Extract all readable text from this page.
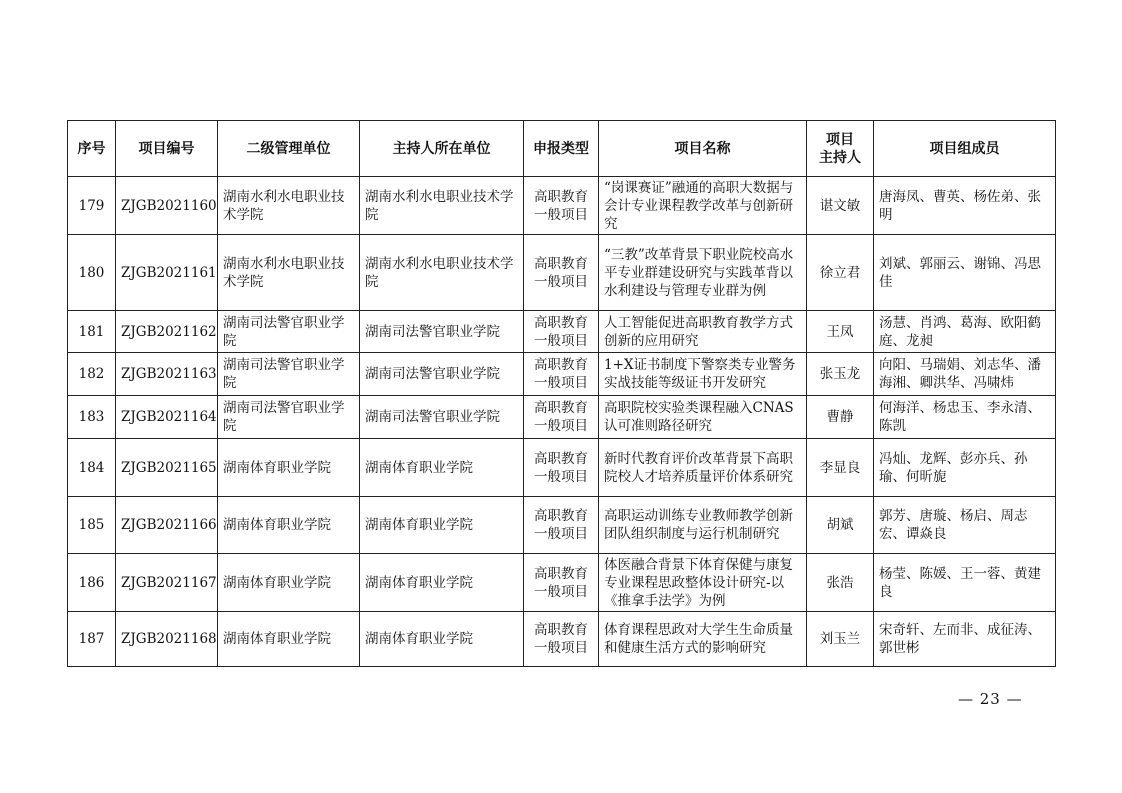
序号	项目编号	二级管理单位	主持人所在单位	申报类型	项目名称	项目
主持人	项目组成员
179	ZJGB2021160	湖南水利水电职业技术学院	湖南水利水电职业技术学院	高职教育一般项目	“岗课赛证”融通的高职大数据与会计专业课程教学改革与创新研究	谌文敏	唐海凤、曹英、杨佐弟、张明
180	ZJGB2021161	湖南水利水电职业技术学院	湖南水利水电职业技术学院	高职教育一般项目	“三教”改革背景下职业院校高水平专业群建设研究与实践革背以水利建设与管理专业群为例	徐立君	刘斌、郭丽云、谢锦、冯思佳
181	ZJGB2021162	湖南司法警官职业学院	湖南司法警官职业学院	高职教育一般项目	人工智能促进高职教育教学方式创新的应用研究	王凤	汤慧、肖鸿、葛海、欧阳鹤庭、龙昶
182	ZJGB2021163	湖南司法警官职业学院	湖南司法警官职业学院	高职教育一般项目	1+X证书制度下警察类专业警务实战技能等级证书开发研究	张玉龙	向阳、马瑞娟、刘志华、潘海湘、卿洪华、冯啸炜
183	ZJGB2021164	湖南司法警官职业学院	湖南司法警官职业学院	高职教育一般项目	高职院校实验类课程融入CNAS认可准则路径研究	曹静	何海洋、杨忠玉、李永清、陈凯
184	ZJGB2021165	湖南体育职业学院	湖南体育职业学院	高职教育一般项目	新时代教育评价改革背景下高职院校人才培养质量评价体系研究	李显良	冯灿、龙辉、彭亦兵、孙瑜、何昕旎
185	ZJGB2021166	湖南体育职业学院	湖南体育职业学院	高职教育一般项目	高职运动训练专业教师教学创新团队组织制度与运行机制研究	胡斌	郭芳、唐璇、杨启、周志宏、谭焱良
186	ZJGB2021167	湖南体育职业学院	湖南体育职业学院	高职教育一般项目	体医融合背景下体育保健与康复专业课程思政整体设计研究-以《推拿手法学》为例	张浩	杨莹、陈媛、王一蓉、黄建良
187	ZJGB2021168	湖南体育职业学院	湖南体育职业学院	高职教育一般项目	体育课程思政对大学生生命质量和健康生活方式的影响研究	刘玉兰	宋奇轩、左而非、成征涛、郭世彬
— 23 —
